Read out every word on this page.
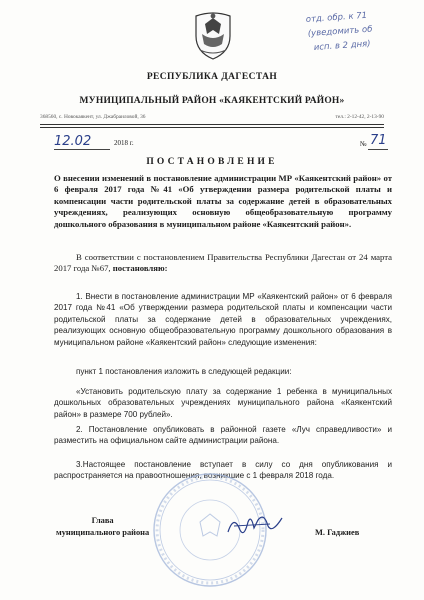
отд. обр. к 71
(уведомить об
исп. в 2 дня)
РЕСПУБЛИКА ДАГЕСТАН
МУНИЦИПАЛЬНЫЙ РАЙОН «КАЯКЕНТСКИЙ РАЙОН»
368560, с. Новокаякент, ул. Джабраиловой, 36	тел.: 2-12-42, 2-13-90
12.02	2018 г.	№ 71
ПОСТАНОВЛЕНИЕ
О внесении изменений в постановление администрации МР «Каякентский район» от 6 февраля 2017 года №41 «Об утверждении размера родительской платы и компенсации части родительской платы за содержание детей в образовательных учреждениях, реализующих основную общеобразовательную программу дошкольного образования в муниципальном районе «Каякентский район».
В соответствии с постановлением Правительства Республики Дагестан от 24 марта 2017 года №67, постановляю:
1. Внести в постановление администрации МР «Каякентский район» от 6 февраля 2017 года №41 «Об утверждении размера родительской платы и компенсации части родительской платы за содержание детей в образовательных учреждениях, реализующих основную общеобразовательную программу дошкольного образования в муниципальном районе «Каякентский район» следующие изменения:
пункт 1 постановления изложить в следующей редакции:
«Установить родительскую плату за содержание 1 ребенка в муниципальных дошкольных образовательных учреждениях муниципального района «Каякентский район» в размере 700 рублей».
2. Постановление опубликовать в районной газете «Луч справедливости» и разместить на официальном сайте администрации района.
3.Настоящее постановление вступает в силу со дня опубликования и распространяется на правоотношения, возникшие с 1 февраля 2018 года.
Глава
муниципального района	М. Гаджиев
